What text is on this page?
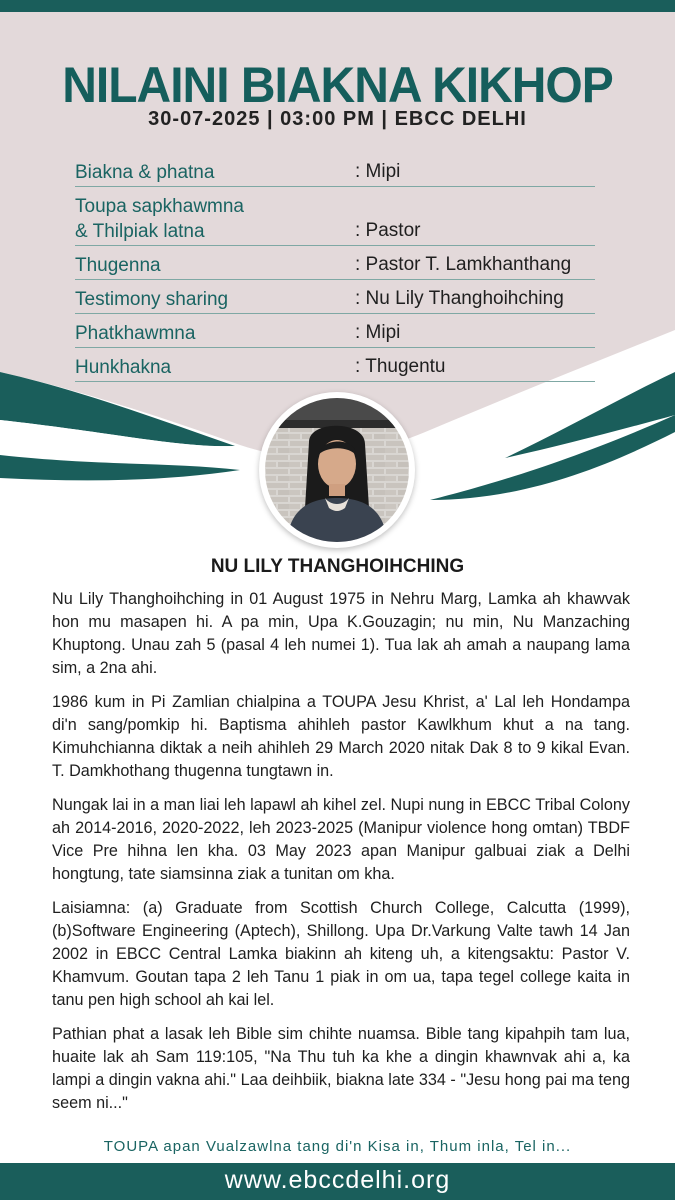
NILAINI BIAKNA KIKHOP
30-07-2025 | 03:00 PM | EBCC DELHI
Biakna & phatna	: Mipi
Toupa sapkhawmna
& Thilpiak latna	: Pastor
Thugenna	: Pastor T. Lamkhanthang
Testimony sharing	: Nu Lily Thanghoihching
Phatkhawmna	: Mipi
Hunkhakna	: Thugentu
NU LILY THANGHOIHCHING

Nu Lily Thanghoihching in 01 August 1975 in Nehru Marg, Lamka ah khawvak hon mu masapen hi. A pa min, Upa K.Gouzagin; nu min, Nu Manzaching Khuptong. Unau zah 5 (pasal 4 leh numei 1). Tua lak ah amah a naupang lama sim, a 2na ahi.

1986 kum in Pi Zamlian chialpina a TOUPA Jesu Khrist, a' Lal leh Hondampa di'n sang/pomkip hi. Baptisma ahihleh pastor Kawlkhum khut a na tang. Kimuhchianna diktak a neih ahihleh 29 March 2020 nitak Dak 8 to 9 kikal Evan. T. Damkhothang thugenna tungtawn in.

Nungak lai in a man liai leh lapawl ah kihel zel. Nupi nung in EBCC Tribal Colony ah 2014-2016, 2020-2022, leh 2023-2025 (Manipur violence hong omtan) TBDF Vice Pre hihna len kha. 03 May 2023 apan Manipur galbuai ziak a Delhi hongtung, tate siamsinna ziak a tunitan om kha.

Laisiamna: (a) Graduate from Scottish Church College, Calcutta (1999), (b)Software Engineering (Aptech), Shillong. Upa Dr.Varkung Valte tawh 14 Jan 2002 in EBCC Central Lamka biakinn ah kiteng uh, a kitengsaktu: Pastor V. Khamvum. Goutan tapa 2 leh Tanu 1 piak in om ua, tapa tegel college kaita in tanu pen high school ah kai lel.

Pathian phat a lasak leh Bible sim chihte nuamsa. Bible tang kipahpih tam lua, huaite lak ah Sam 119:105, "Na Thu tuh ka khe a dingin khawnvak ahi a, ka lampi a dingin vakna ahi." Laa deihbiik, biakna late 334 - "Jesu hong pai ma teng seem ni..."

TOUPA apan Vualzawlna tang di'n Kisa in, Thum inla, Tel in...
www.ebccdelhi.org
